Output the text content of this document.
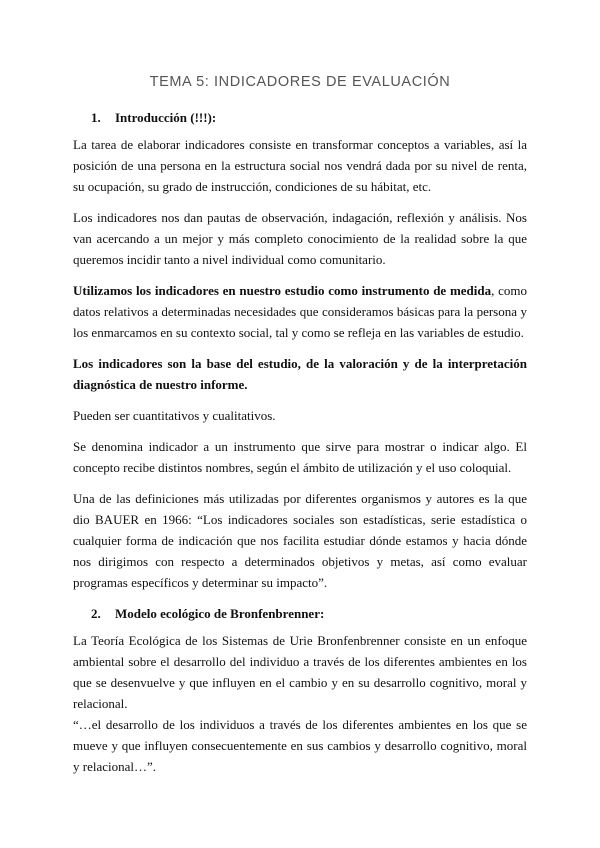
TEMA 5: INDICADORES DE EVALUACIÓN
1. Introducción (!!!):

La tarea de elaborar indicadores consiste en transformar conceptos a variables, así la posición de una persona en la estructura social nos vendrá dada por su nivel de renta, su ocupación, su grado de instrucción, condiciones de su hábitat, etc.

Los indicadores nos dan pautas de observación, indagación, reflexión y análisis. Nos van acercando a un mejor y más completo conocimiento de la realidad sobre la que queremos incidir tanto a nivel individual como comunitario.

Utilizamos los indicadores en nuestro estudio como instrumento de medida, como datos relativos a determinadas necesidades que consideramos básicas para la persona y los enmarcamos en su contexto social, tal y como se refleja en las variables de estudio.

Los indicadores son la base del estudio, de la valoración y de la interpretación diagnóstica de nuestro informe.

Pueden ser cuantitativos y cualitativos.

Se denomina indicador a un instrumento que sirve para mostrar o indicar algo. El concepto recibe distintos nombres, según el ámbito de utilización y el uso coloquial.

Una de las definiciones más utilizadas por diferentes organismos y autores es la que dio BAUER en 1966: “Los indicadores sociales son estadísticas, serie estadística o cualquier forma de indicación que nos facilita estudiar dónde estamos y hacia dónde nos dirigimos con respecto a determinados objetivos y metas, así como evaluar programas específicos y determinar su impacto”.

2. Modelo ecológico de Bronfenbrenner:

La Teoría Ecológica de los Sistemas de Urie Bronfenbrenner consiste en un enfoque ambiental sobre el desarrollo del individuo a través de los diferentes ambientes en los que se desenvuelve y que influyen en el cambio y en su desarrollo cognitivo, moral y relacional.

“…el desarrollo de los individuos a través de los diferentes ambientes en los que se mueve y que influyen consecuentemente en sus cambios y desarrollo cognitivo, moral y relacional…”.
